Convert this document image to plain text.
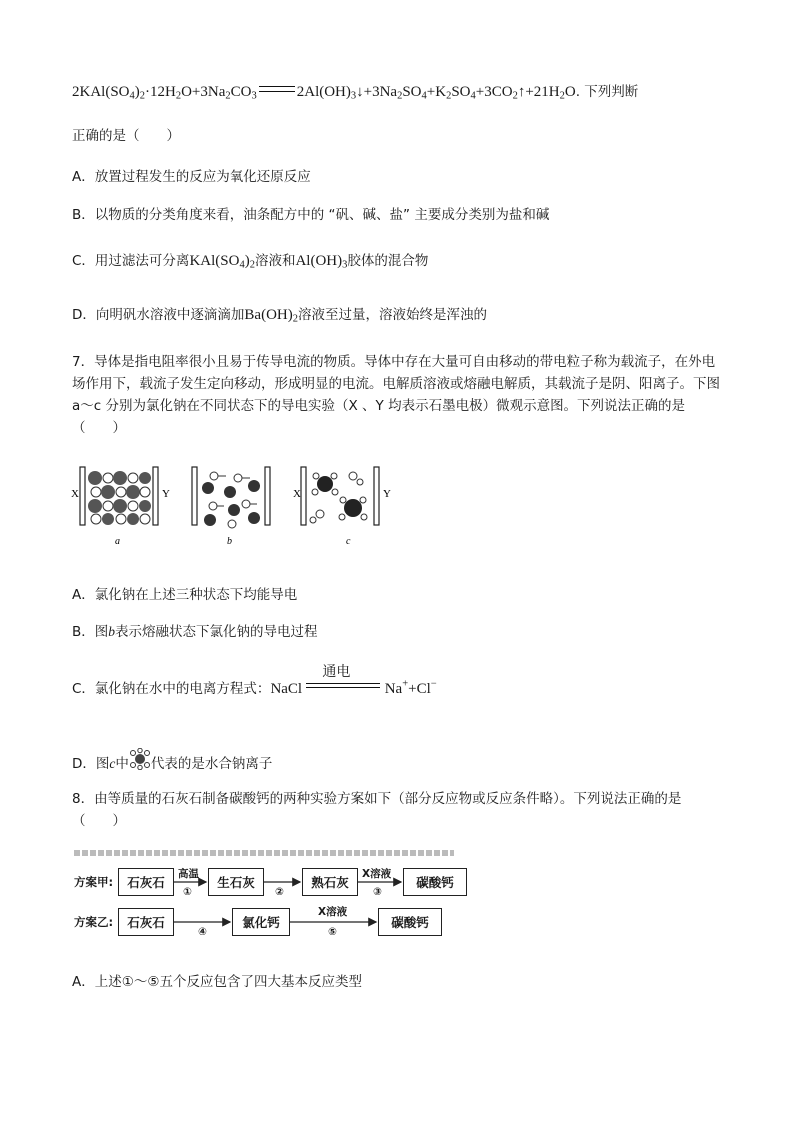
$2KAl(SO_4)_2\cdot 12H_2O+3Na_2CO_3$	$2Al(OH)_3↓+3Na_2SO_4+K_2SO_4+3CO_2↑+21H_2O$. 下列判断
正确的是（　　）
A．放置过程发生的反应为氧化还原反应
B．以物质的分类角度来看，油条配方中的 “矾、碱、盐” 主要成分类别为盐和碱
C．用过滤法可分离$KAl(SO_4)_2$溶液和$Al(OH)_3$胶体的混合物
D．向明矾水溶液中逐滴滴加$Ba(OH)_2$溶液至过量，溶液始终是浑浊的
7．导体是指电阻率很小且易于传导电流的物质。导体中存在大量可自由移动的带电粒子称为载流子，在外电场作用下，载流子发生定向移动，形成明显的电流。电解质溶液或熔融电解质，其载流子是阴、阳离子。下图 a～c 分别为氯化钠在不同状态下的导电实验（X 、Y 均表示石墨电极）微观示意图。下列说法正确的是（　　）
X	Y
a	b
X	Y
c
A．氯化钠在上述三种状态下均能导电
B．图b表示熔融状态下氯化钠的导电过程
C．氯化钠在水中的电离方程式：NaCl
通电
Na++Cl−
D．图c中 代表的是水合钠离子
8．由等质量的石灰石制备碳酸钙的两种实验方案如下（部分反应物或反应条件略）。下列说法正确的是（　　）
方案甲:	石灰石	生石灰	熟石灰	碳酸钙
高温
①	②
X溶液
③
方案乙:	石灰石	氯化钙	碳酸钙
④
X溶液
⑤
A．上述①～⑤五个反应包含了四大基本反应类型
